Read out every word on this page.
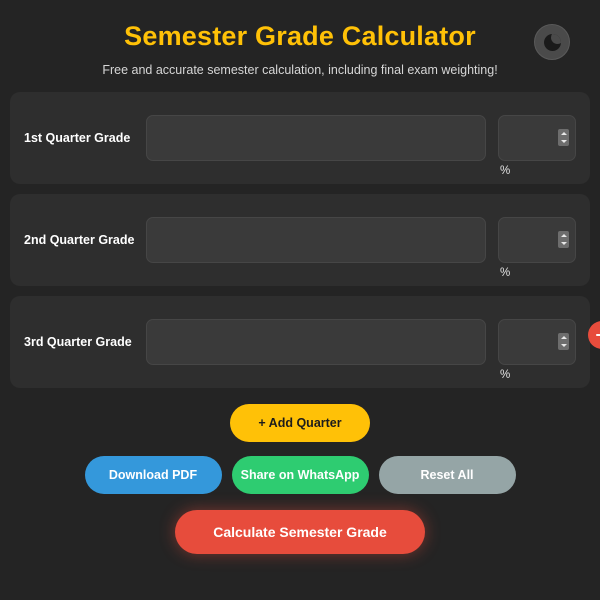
Semester Grade Calculator
Free and accurate semester calculation, including final exam weighting!
1st Quarter Grade
%
2nd Quarter Grade
%
3rd Quarter Grade
%
+ Add Quarter
Download PDF	Share on WhatsApp	Reset All
Calculate Semester Grade
